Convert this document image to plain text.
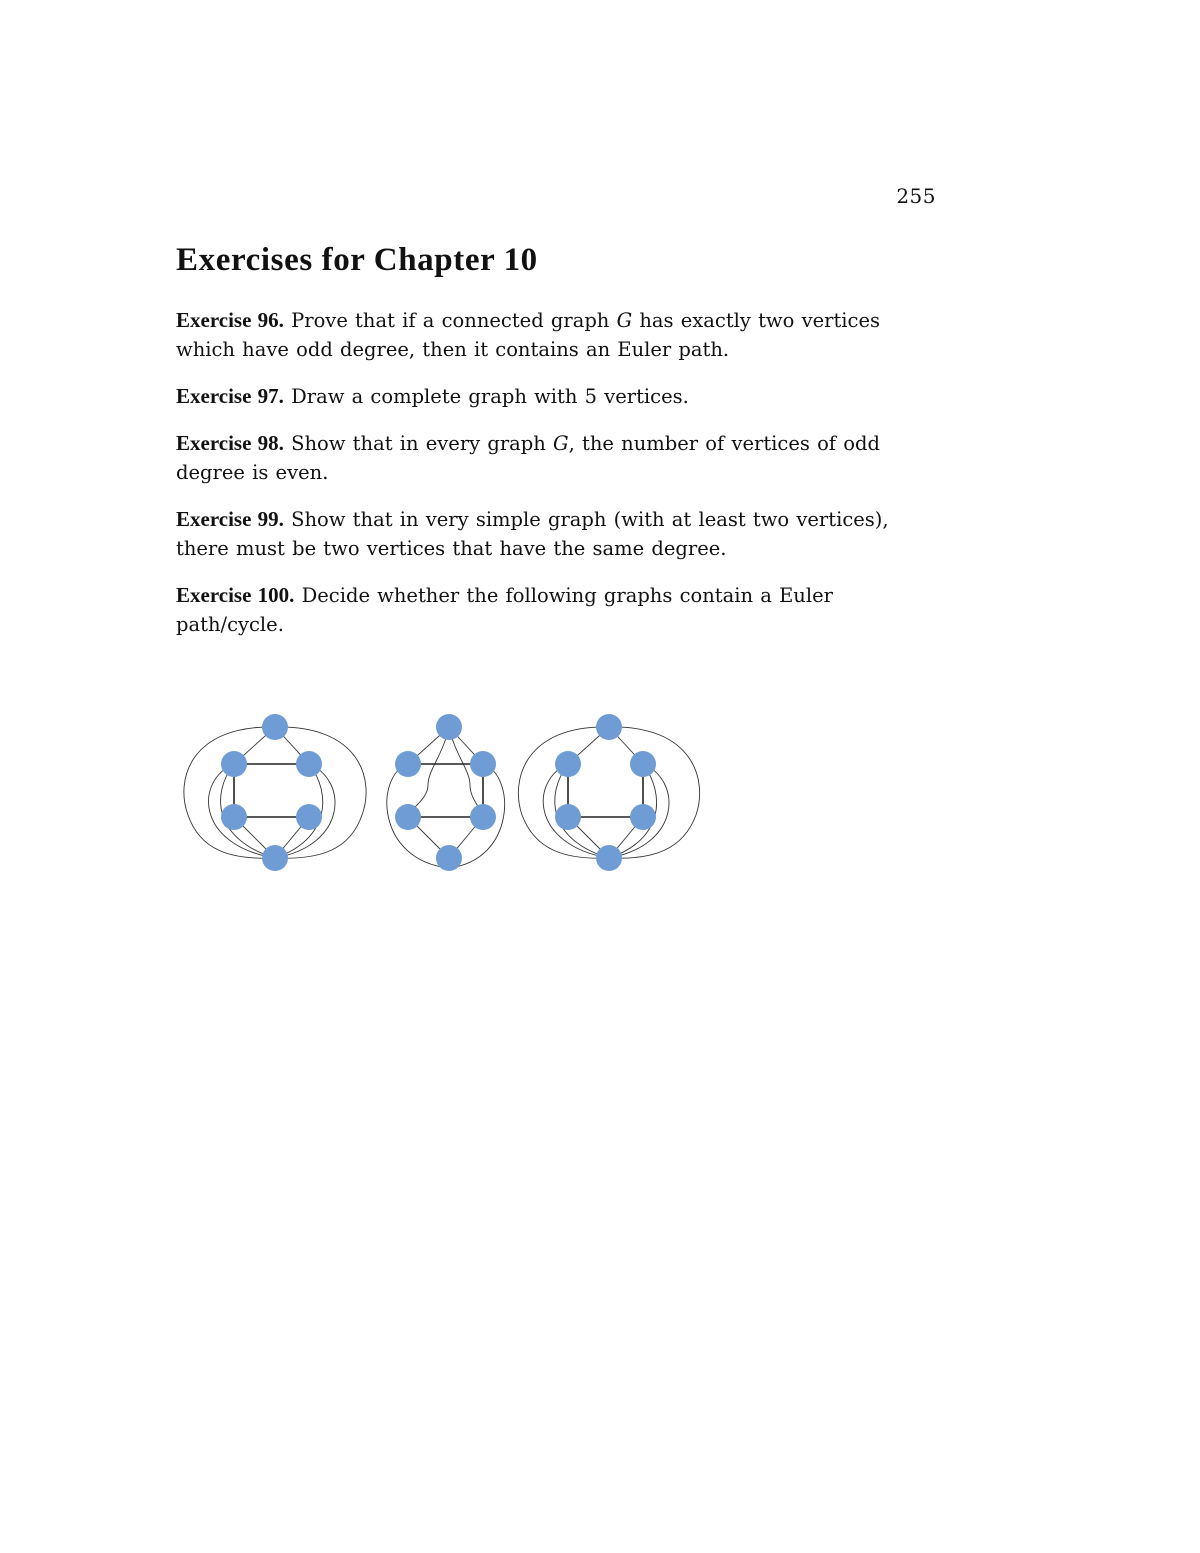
255
Exercises for Chapter 10

Exercise 96. Prove that if a connected graph G has exactly two vertices which have odd degree, then it contains an Euler path.

Exercise 97. Draw a complete graph with 5 vertices.

Exercise 98. Show that in every graph G, the number of vertices of odd degree is even.

Exercise 99. Show that in very simple graph (with at least two vertices), there must be two vertices that have the same degree.

Exercise 100. Decide whether the following graphs contain a Euler path/cycle.
